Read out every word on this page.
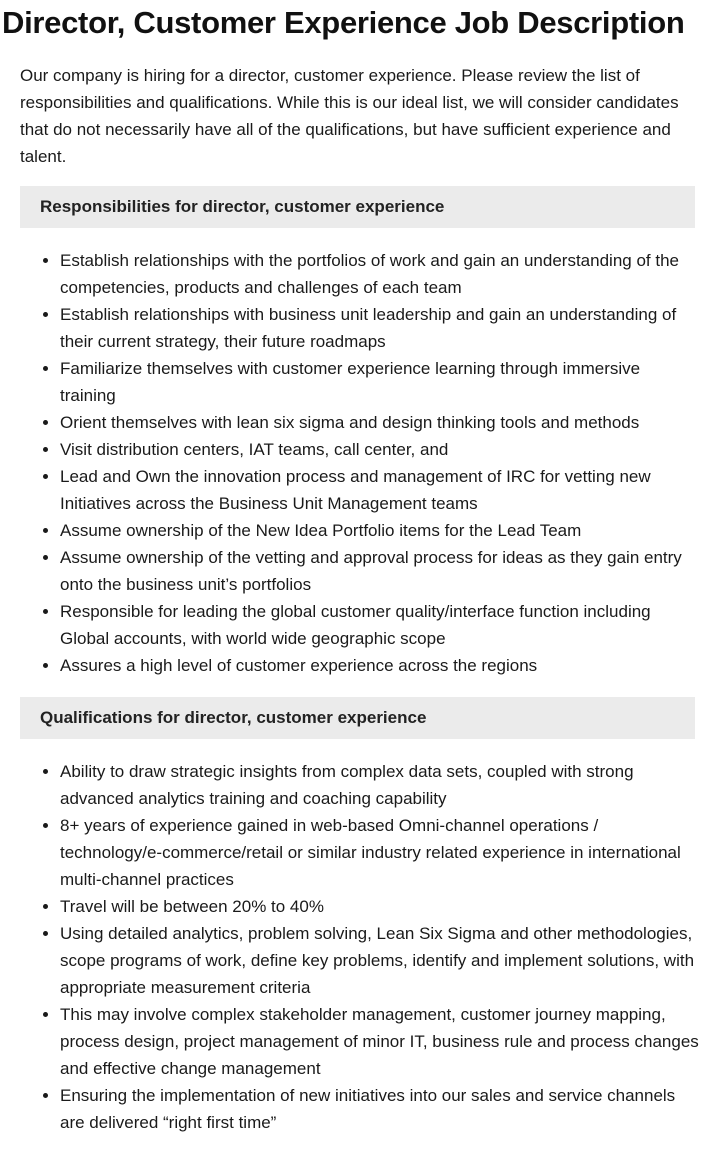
Director, Customer Experience Job Description

Our company is hiring for a director, customer experience. Please review the list of responsibilities and qualifications. While this is our ideal list, we will consider candidates that do not necessarily have all of the qualifications, but have sufficient experience and talent.

Responsibilities for director, customer experience
• Establish relationships with the portfolios of work and gain an understanding of the competencies, products and challenges of each team
• Establish relationships with business unit leadership and gain an understanding of their current strategy, their future roadmaps
• Familiarize themselves with customer experience learning through immersive training
• Orient themselves with lean six sigma and design thinking tools and methods
• Visit distribution centers, IAT teams, call center, and
• Lead and Own the innovation process and management of IRC for vetting new Initiatives across the Business Unit Management teams
• Assume ownership of the New Idea Portfolio items for the Lead Team
• Assume ownership of the vetting and approval process for ideas as they gain entry onto the business unit’s portfolios
• Responsible for leading the global customer quality/interface function including Global accounts, with world wide geographic scope
• Assures a high level of customer experience across the regions
Qualifications for director, customer experience
• Ability to draw strategic insights from complex data sets, coupled with strong advanced analytics training and coaching capability
• 8+ years of experience gained in web-based Omni-channel operations / technology/e-commerce/retail or similar industry related experience in international multi-channel practices
• Travel will be between 20% to 40%
• Using detailed analytics, problem solving, Lean Six Sigma and other methodologies, scope programs of work, define key problems, identify and implement solutions, with appropriate measurement criteria
• This may involve complex stakeholder management, customer journey mapping, process design, project management of minor IT, business rule and process changes and effective change management
• Ensuring the implementation of new initiatives into our sales and service channels are delivered “right first time”
